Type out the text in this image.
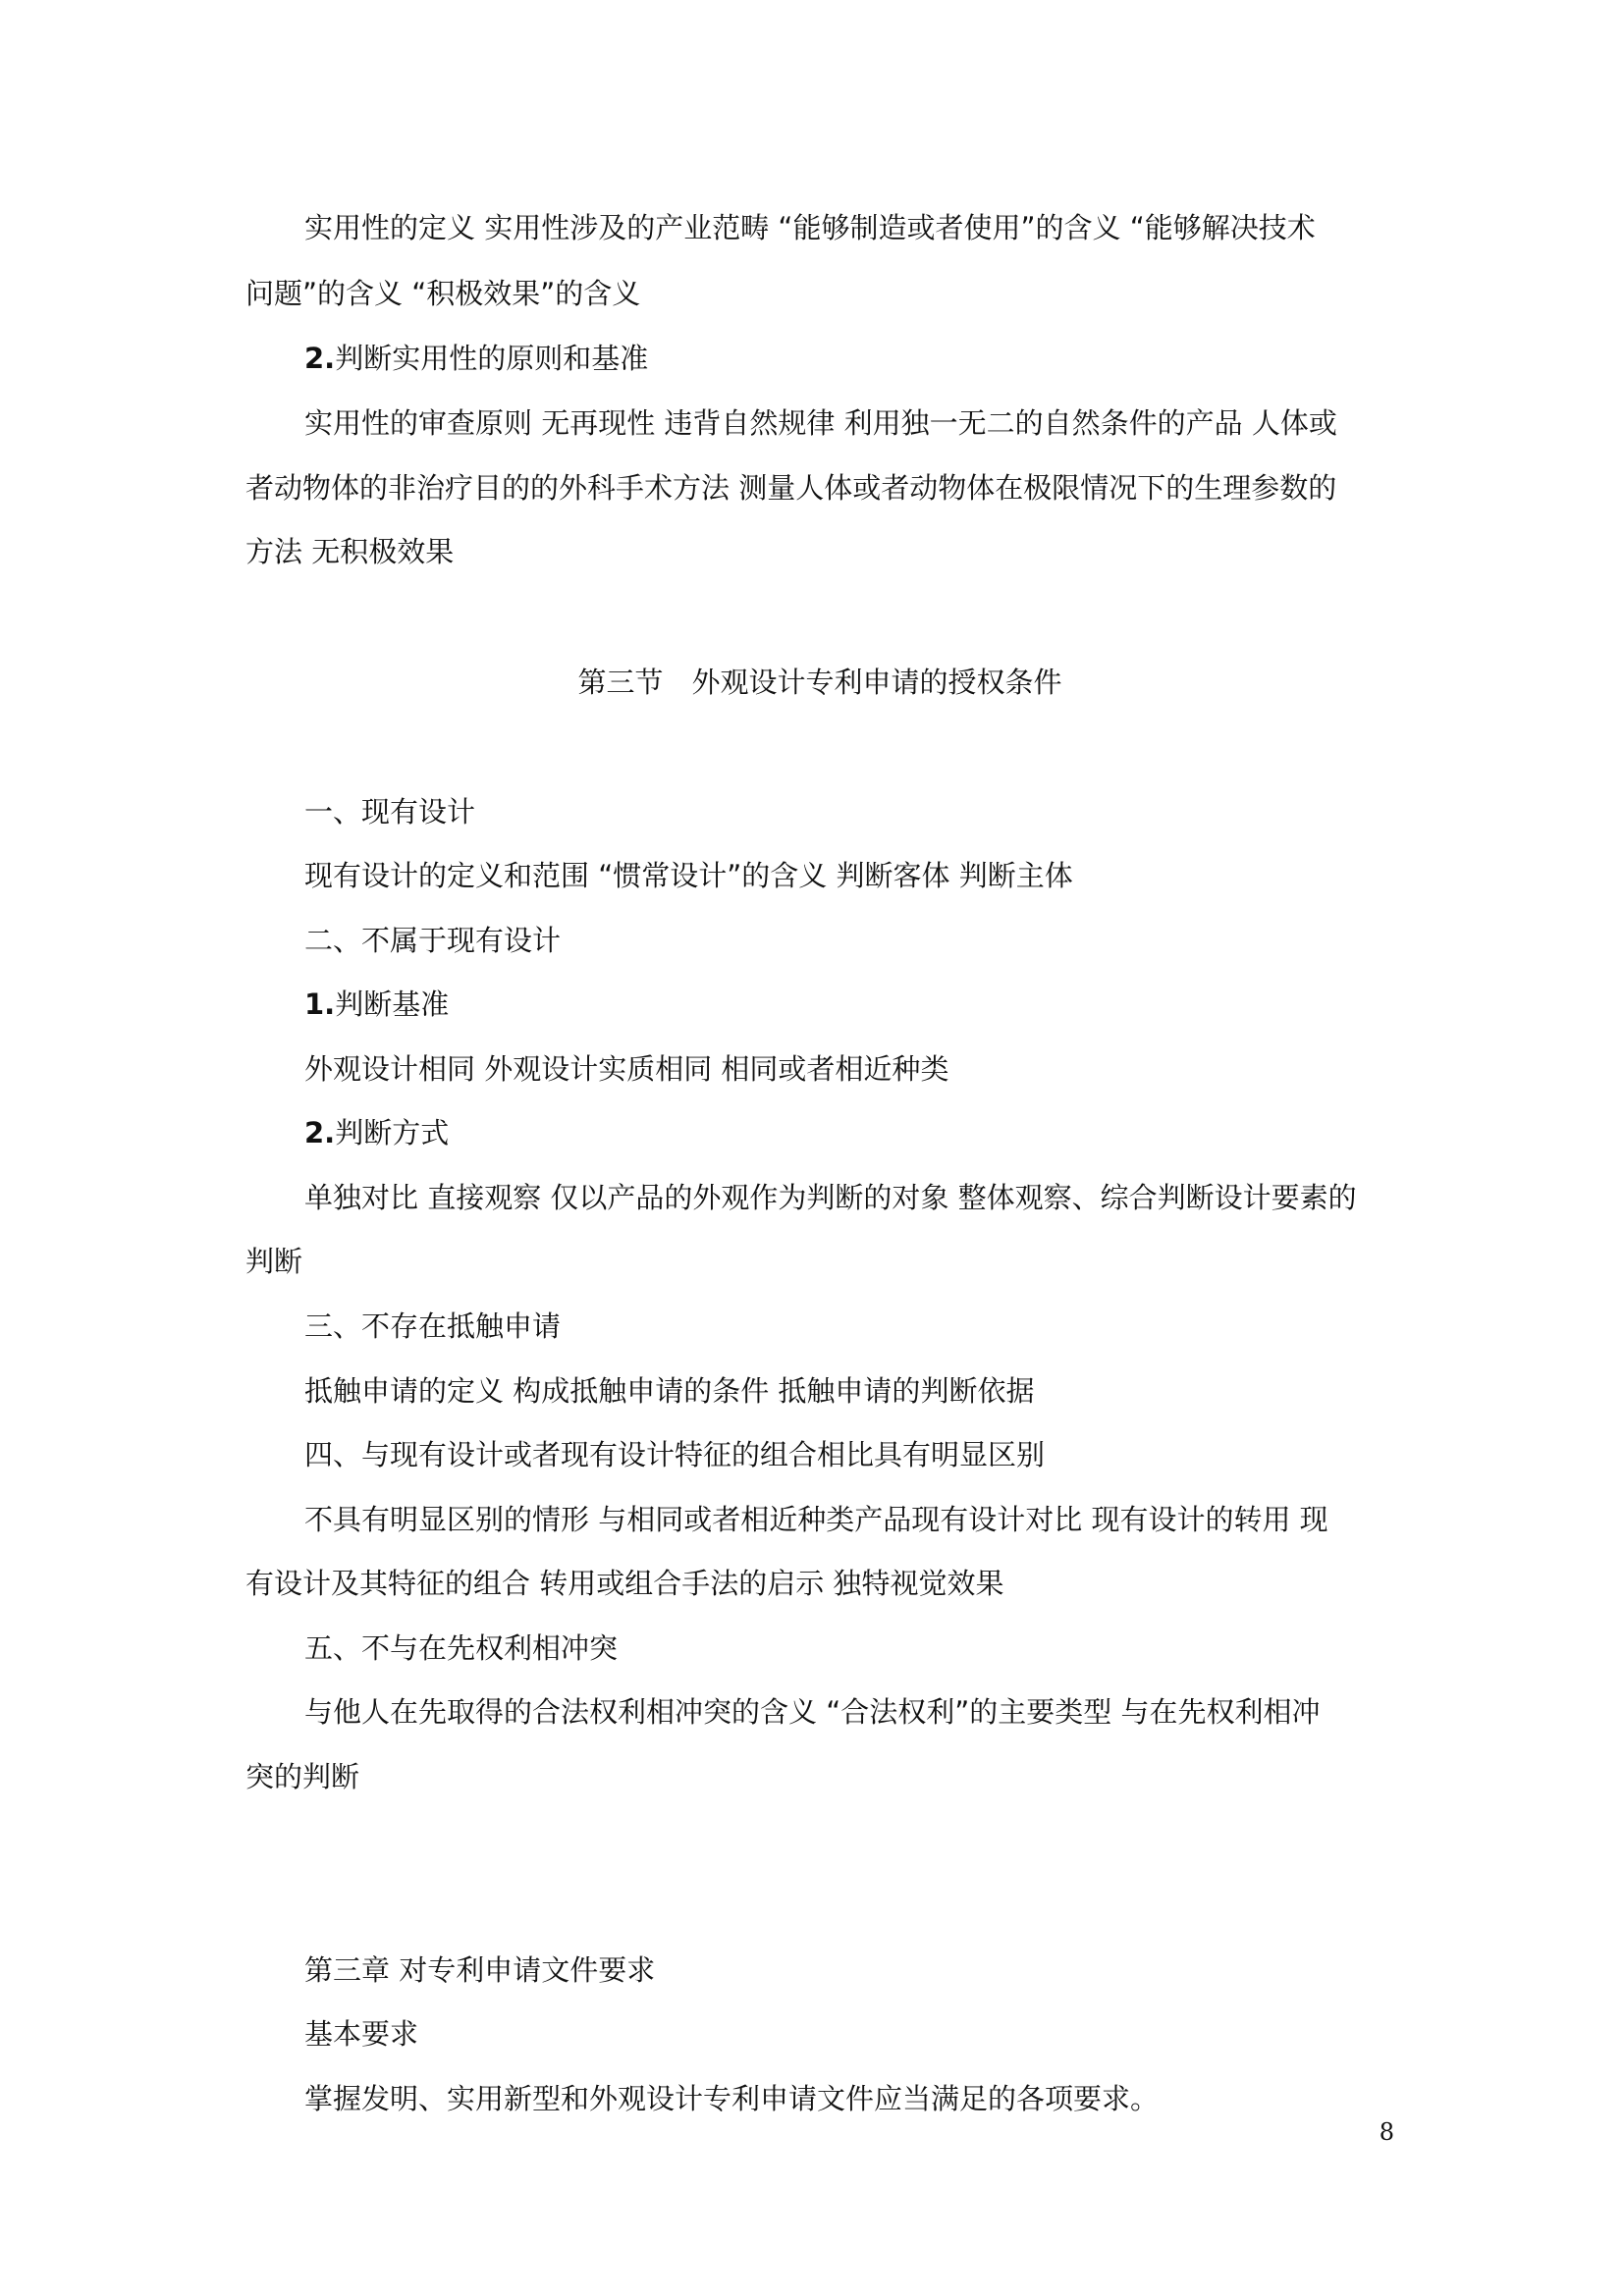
实用性的定义 实用性涉及的产业范畴 “能够制造或者使用”的含义 “能够解决技术
问题”的含义 “积极效果”的含义
2.判断实用性的原则和基准
实用性的审查原则 无再现性 违背自然规律 利用独一无二的自然条件的产品 人体或
者动物体的非治疗目的的外科手术方法 测量人体或者动物体在极限情况下的生理参数的
方法 无积极效果
第三节　外观设计专利申请的授权条件
一、现有设计
现有设计的定义和范围 “惯常设计”的含义 判断客体 判断主体
二、不属于现有设计
1.判断基准
外观设计相同 外观设计实质相同 相同或者相近种类
2.判断方式
单独对比 直接观察 仅以产品的外观作为判断的对象 整体观察、综合判断设计要素的
判断
三、不存在抵触申请
抵触申请的定义 构成抵触申请的条件 抵触申请的判断依据
四、与现有设计或者现有设计特征的组合相比具有明显区别
不具有明显区别的情形 与相同或者相近种类产品现有设计对比 现有设计的转用 现
有设计及其特征的组合 转用或组合手法的启示 独特视觉效果
五、不与在先权利相冲突
与他人在先取得的合法权利相冲突的含义 “合法权利”的主要类型 与在先权利相冲
突的判断
第三章 对专利申请文件要求
基本要求
掌握发明、实用新型和外观设计专利申请文件应当满足的各项要求。
8
